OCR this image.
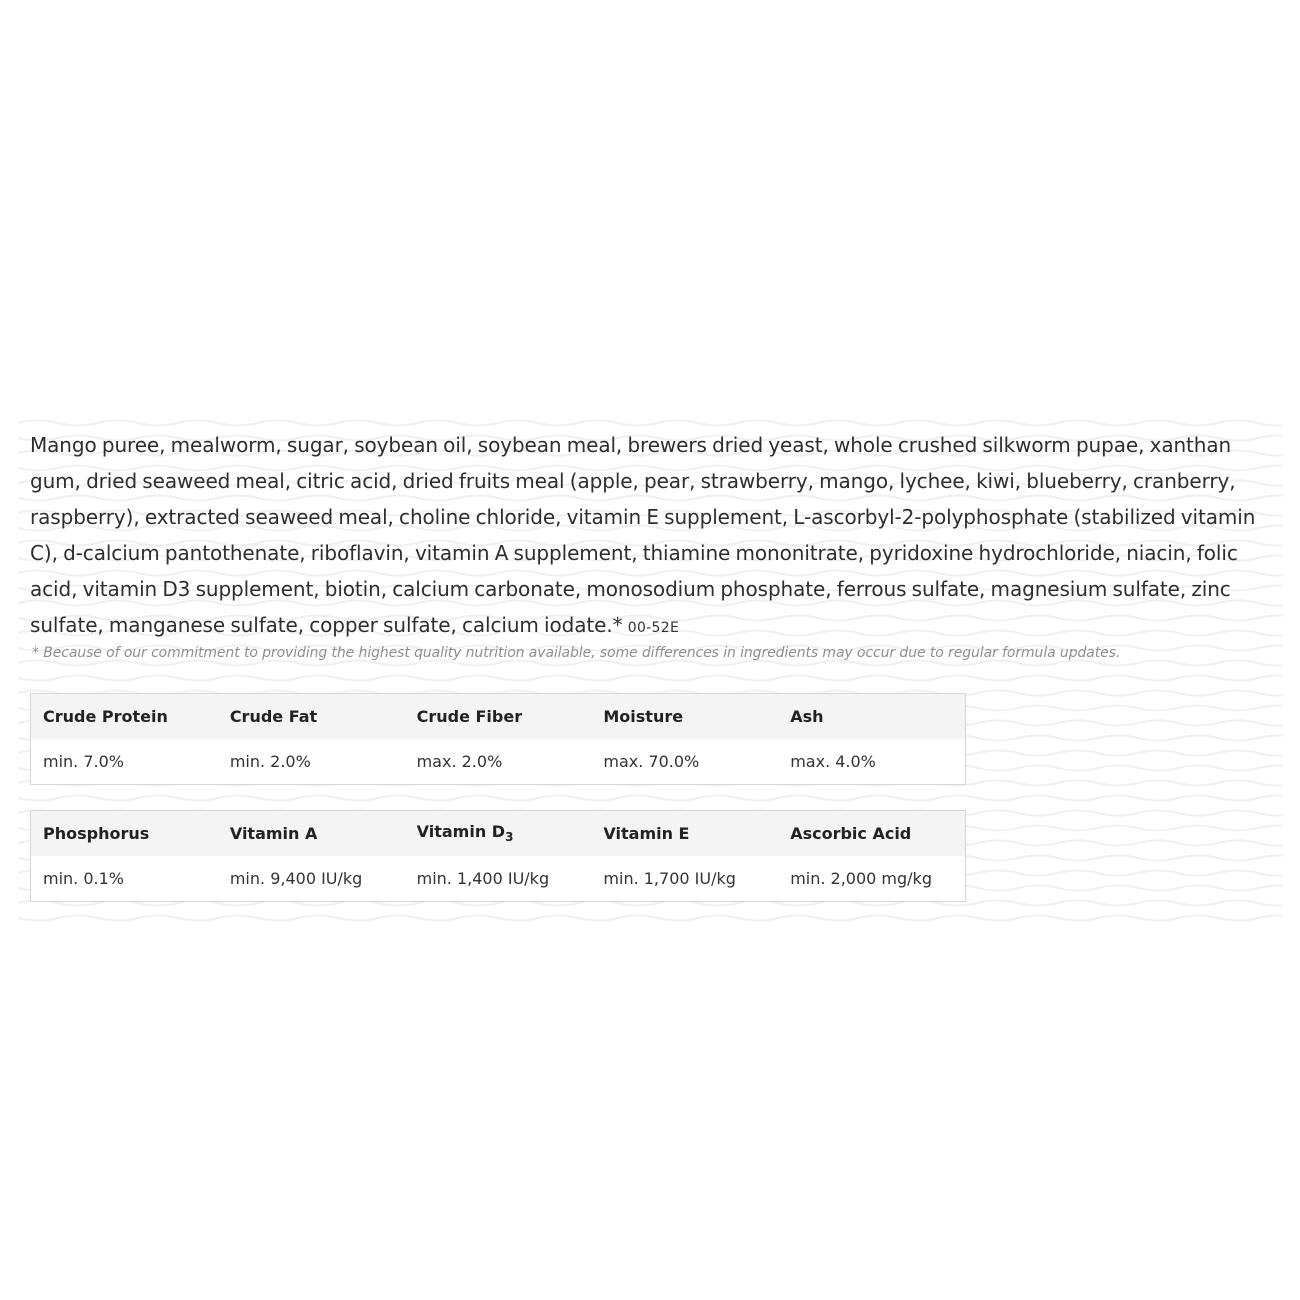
Mango puree, mealworm, sugar, soybean oil, soybean meal, brewers dried yeast, whole crushed silkworm pupae, xanthan gum, dried seaweed meal, citric acid, dried fruits meal (apple, pear, strawberry, mango, lychee, kiwi, blueberry, cranberry, raspberry), extracted seaweed meal, choline chloride, vitamin E supplement, L-ascorbyl-2-polyphosphate (stabilized vitamin C), d-calcium pantothenate, riboflavin, vitamin A supplement, thiamine mononitrate, pyridoxine hydrochloride, niacin, folic acid, vitamin D3 supplement, biotin, calcium carbonate, monosodium phosphate, ferrous sulfate, magnesium sulfate, zinc sulfate, manganese sulfate, copper sulfate, calcium iodate.* 00-52E

* Because of our commitment to providing the highest quality nutrition available, some differences in ingredients may occur due to regular formula updates.
Crude Protein	Crude Fat	Crude Fiber	Moisture	Ash
min. 7.0%	min. 2.0%	max. 2.0%	max. 70.0%	max. 4.0%
Phosphorus	Vitamin A	Vitamin $D_3$	Vitamin E	Ascorbic Acid
min. 0.1%	min. 9,400 IU/kg	min. 1,400 IU/kg	min. 1,700 IU/kg	min. 2,000 mg/kg
